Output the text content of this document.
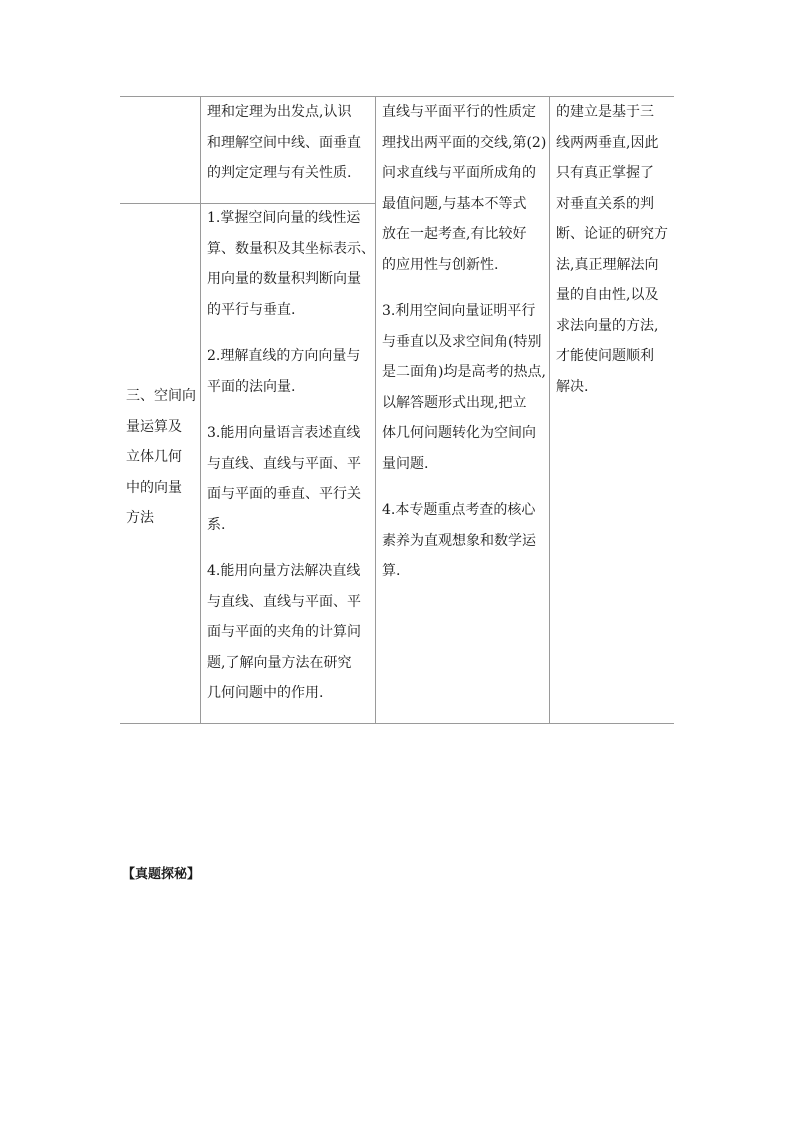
三、空间向
量运算及
立体几何
中的向量
方法

理和定理为出发点,认识
和理解空间中线、面垂直
的判定定理与有关性质.

1.掌握空间向量的线性运
算、数量积及其坐标表示、
用向量的数量积判断向量
的平行与垂直.

2.理解直线的方向向量与
平面的法向量.

3.能用向量语言表述直线
与直线、直线与平面、平
面与平面的垂直、平行关
系.

4.能用向量方法解决直线
与直线、直线与平面、平
面与平面的夹角的计算问
题,了解向量方法在研究
几何问题中的作用.

直线与平面平行的性质定
理找出两平面的交线,第(2)
问求直线与平面所成角的
最值问题,与基本不等式
放在一起考查,有比较好
的应用性与创新性.

3.利用空间向量证明平行
与垂直以及求空间角(特别
是二面角)均是高考的热点,
以解答题形式出现,把立
体几何问题转化为空间向
量问题.

4.本专题重点考查的核心
素养为直观想象和数学运
算.

的建立是基于三
线两两垂直,因此
只有真正掌握了
对垂直关系的判
断、论证的研究方
法,真正理解法向
量的自由性,以及
求法向量的方法,
才能使问题顺利
解决.

【真题探秘】
